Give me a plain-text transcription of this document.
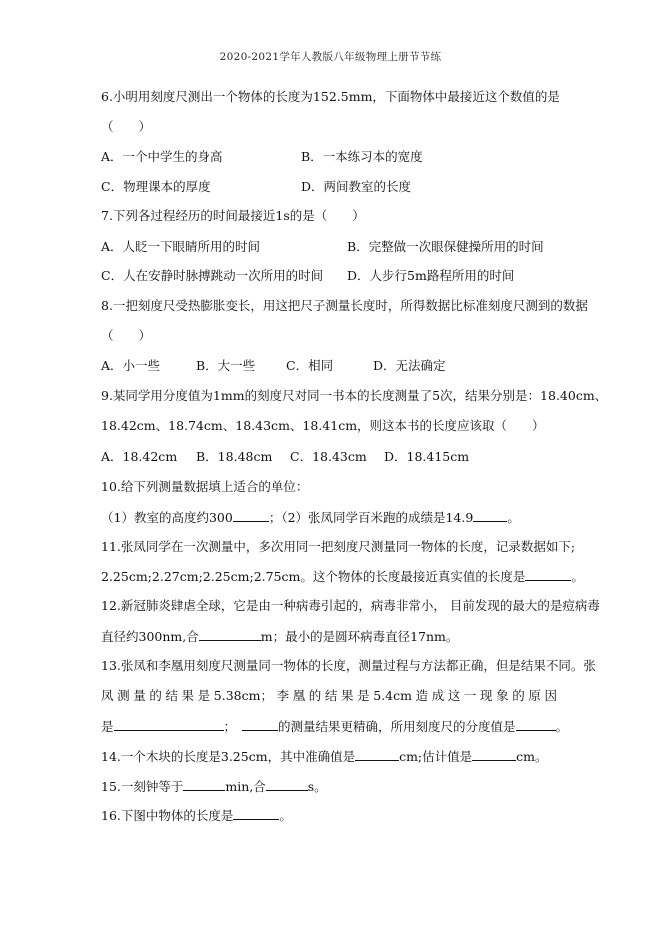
2020-2021学年人教版八年级物理上册节节练
6.小明用刻度尺测出一个物体的长度为152.5mm，下面物体中最接近这个数值的是
（　　）
A．一个中学生的身高	B．一本练习本的宽度
C．物理课本的厚度	D．两间教室的长度
7.下列各过程经历的时间最接近1s的是（　　）
A．人眨一下眼睛所用的时间	B．完整做一次眼保健操所用的时间
C．人在安静时脉搏跳动一次所用的时间 D．人步行5m路程所用的时间
8.一把刻度尺受热膨胀变长，用这把尺子测量长度时，所得数据比标准刻度尺测到的数据
（　　）
A．小一些	B．大一些 C．相同	D．无法确定
9.某同学用分度值为1mm的刻度尺对同一书本的长度测量了5次，结果分别是：18.40cm、
18.42cm、18.74cm、18.43cm、18.41cm，则这本书的长度应该取（　　）
A．18.42cm B．18.48cm C．18.43cm D．18.415cm
10.给下列测量数据填上适合的单位：
（1）教室的高度约300	；（2）张凤同学百米跑的成绩是14.9	。
11.张凤同学在一次测量中，多次用同一把刻度尺测量同一物体的长度，记录数据如下;
2.25cm;2.27cm;2.25cm;2.75cm。这个物体的长度最接近真实值的长度是	。
12.新冠肺炎肆虐全球，它是由一种病毒引起的，病毒非常小， 目前发现的最大的是痘病毒
直径约300nm,合	m；最小的是圆环病毒直径17nm。
13.张凤和李凰用刻度尺测量同一物体的长度，测量过程与方法都正确，但是结果不同。张
凤测量的结果是5.38cm；李凰的结果是5.4cm造成这一现象的原因
是	；	的测量结果更精确，所用刻度尺的分度值是	。
14.一个木块的长度是3.25cm，其中准确值是	cm;估计值是	cm。
15.一刻钟等于	min,合	s。
16.下图中物体的长度是	。
